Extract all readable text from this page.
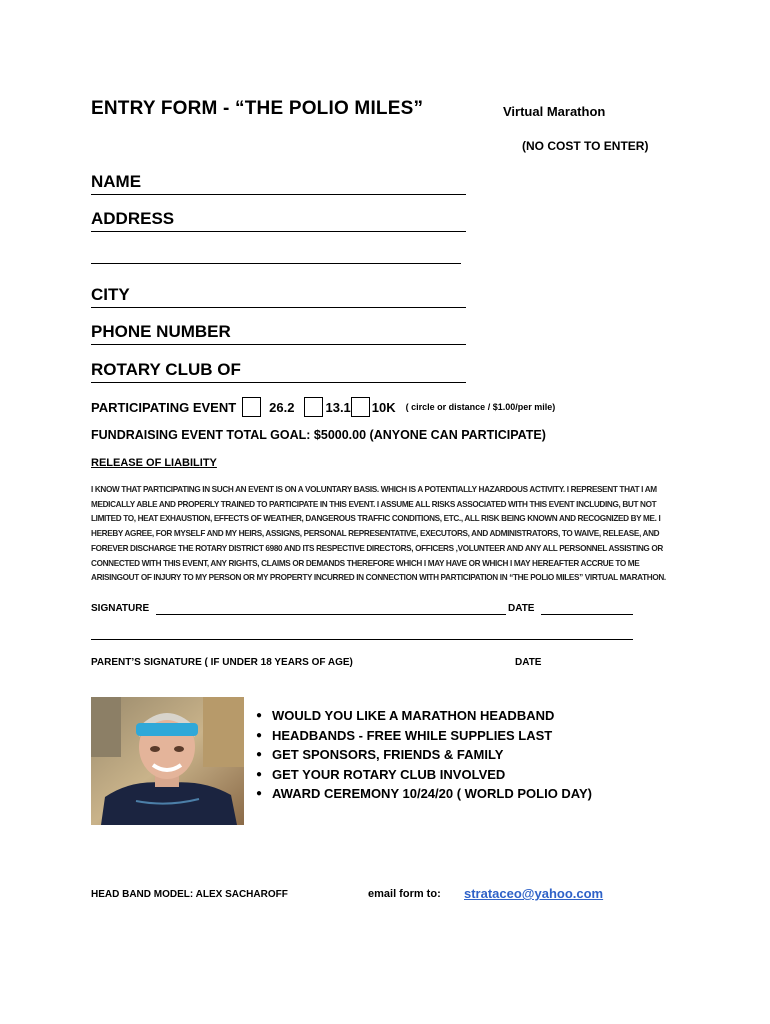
ENTRY FORM - “THE POLIO MILES”	Virtual Marathon
(NO COST TO ENTER)
NAME
ADDRESS
CITY
PHONE NUMBER
ROTARY CLUB OF
PARTICIPATING EVENT	26.2 13.1 10K ( circle or distance / $1.00/per mile)
FUNDRAISING EVENT TOTAL GOAL: $5000.00 (ANYONE CAN PARTICIPATE)
RELEASE OF LIABILITY
I KNOW THAT PARTICIPATING IN SUCH AN EVENT IS ON A VOLUNTARY BASIS. WHICH IS A POTENTIALLY HAZARDOUS ACTIVITY. I REPRESENT THAT I AM MEDICALLY ABLE AND PROPERLY TRAINED TO PARTICIPATE IN THIS EVENT. I ASSUME ALL RISKS ASSOCIATED WITH THIS EVENT INCLUDING, BUT NOT LIMITED TO, HEAT EXHAUSTION, EFFECTS OF WEATHER, DANGEROUS TRAFFIC CONDITIONS, ETC., ALL RISK BEING KNOWN AND RECOGNIZED BY ME. I HEREBY AGREE, FOR MYSELF AND MY HEIRS, ASSIGNS, PERSONAL REPRESENTATIVE, EXECUTORS, AND ADMINISTRATORS, TO WAIVE, RELEASE, AND FOREVER DISCHARGE THE ROTARY DISTRICT 6980 AND ITS RESPECTIVE DIRECTORS, OFFICERS ,VOLUNTEER AND ANY ALL PERSONNEL ASSISTING OR CONNECTED WITH THIS EVENT, ANY RIGHTS, CLAIMS OR DEMANDS THEREFORE WHICH I MAY HAVE OR WHICH I MAY HEREAFTER ACCRUE TO ME ARISINGOUT OF INJURY TO MY PERSON OR MY PROPERTY INCURRED IN CONNECTION WITH PARTICIPATION IN “THE POLIO MILES” VIRTUAL MARATHON.
SIGNATURE	DATE
PARENT’S SIGNATURE ( IF UNDER 18 YEARS OF AGE)	DATE
● WOULD YOU LIKE A MARATHON HEADBAND
● HEADBANDS - FREE WHILE SUPPLIES LAST
● GET SPONSORS, FRIENDS & FAMILY
● GET YOUR ROTARY CLUB INVOLVED
● AWARD CEREMONY 10/24/20 ( WORLD POLIO DAY)
HEAD BAND MODEL: ALEX SACHAROFF	email form to: strataceo@yahoo.com
